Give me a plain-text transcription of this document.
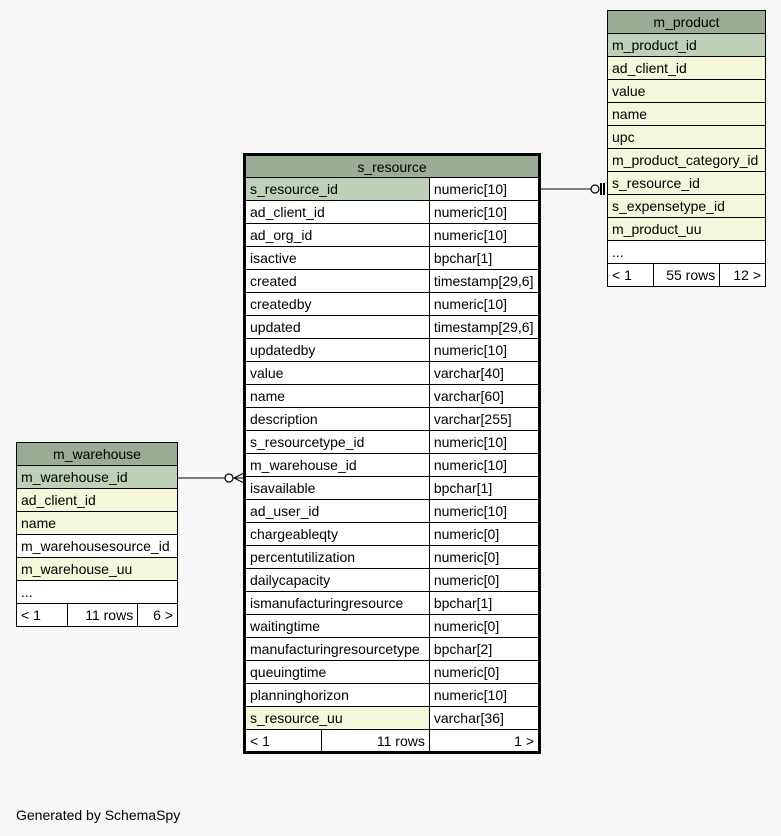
m_product
m_product_id
ad_client_id
value
name
upc
m_product_category_id
s_resource_id
s_expensetype_id
m_product_uu
...
< 1	55 rows	12 >
s_resource		
s_resource_id		numeric[10]
ad_client_id		numeric[10]
ad_org_id		numeric[10]
isactive		bpchar[1]
created		timestamp[29,6]
createdby		numeric[10]
updated		timestamp[29,6]
updatedby		numeric[10]
value		varchar[40]
name		varchar[60]
description		varchar[255]
s_resourcetype_id		numeric[10]
m_warehouse_id		numeric[10]
isavailable		bpchar[1]
ad_user_id		numeric[10]
chargeableqty		numeric[0]
percentutilization		numeric[0]
dailycapacity		numeric[0]
ismanufacturingresource		bpchar[1]
waitingtime		numeric[0]
manufacturingresourcetype		bpchar[2]
queuingtime		numeric[0]
planninghorizon		numeric[10]
s_resource_uu		varchar[36]
< 1	11 rows	1 >
m_warehouse
m_warehouse_id
ad_client_id
name
m_warehousesource_id
m_warehouse_uu
...
< 1	11 rows	6 >
Generated by SchemaSpy
